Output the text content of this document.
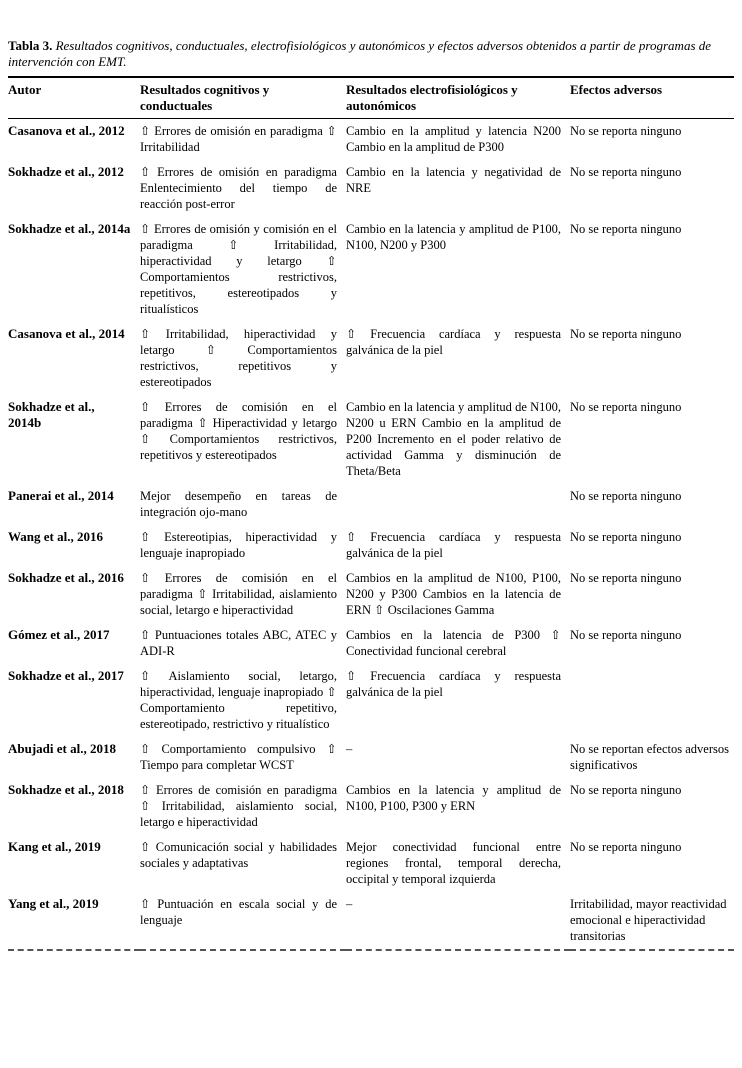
Tabla 3. Resultados cognitivos, conductuales, electrofisiológicos y autonómicos y efectos adversos obtenidos a partir de programas de intervención con EMT.

Autor	Resultados cognitivos y conductuales	Resultados electrofisiológicos y autonómicos	Efectos adversos
Casanova et al., 2012	⇧ Errores de omisión en paradigma ⇧ Irritabilidad	Cambio en la amplitud y latencia N200 Cambio en la amplitud de P300	No se reporta ninguno
Sokhadze et al., 2012	⇧ Errores de omisión en paradigma Enlentecimiento del tiempo de reacción post-error	Cambio en la latencia y negatividad de NRE	No se reporta ninguno
Sokhadze et al., 2014a	⇧ Errores de omisión y comisión en el paradigma ⇧ Irritabilidad, hiperactividad y letargo ⇧ Comportamientos restrictivos, repetitivos, estereotipados y ritualísticos	Cambio en la latencia y amplitud de P100, N100, N200 y P300	No se reporta ninguno
Casanova et al., 2014	⇧ Irritabilidad, hiperactividad y letargo ⇧ Comportamientos restrictivos, repetitivos y estereotipados	⇧ Frecuencia cardíaca y respuesta galvánica de la piel	No se reporta ninguno
Sokhadze et al., 2014b	⇧ Errores de comisión en el paradigma ⇧ Hiperactividad y letargo ⇧ Comportamientos restrictivos, repetitivos y estereotipados	Cambio en la latencia y amplitud de N100, N200 u ERN Cambio en la amplitud de P200 Incremento en el poder relativo de actividad Gamma y disminución de Theta/Beta	No se reporta ninguno
Panerai et al., 2014	Mejor desempeño en tareas de integración ojo-mano		No se reporta ninguno
Wang et al., 2016	⇧ Estereotipias, hiperactividad y lenguaje inapropiado	⇧ Frecuencia cardíaca y respuesta galvánica de la piel	No se reporta ninguno
Sokhadze et al., 2016	⇧ Errores de comisión en el paradigma ⇧ Irritabilidad, aislamiento social, letargo e hiperactividad	Cambios en la amplitud de N100, P100, N200 y P300 Cambios en la latencia de ERN ⇧ Oscilaciones Gamma	No se reporta ninguno
Gómez et al., 2017	⇧ Puntuaciones totales ABC, ATEC y ADI-R	Cambios en la latencia de P300 ⇧ Conectividad funcional cerebral	No se reporta ninguno
Sokhadze et al., 2017	⇧ Aislamiento social, letargo, hiperactividad, lenguaje inapropiado ⇧ Comportamiento repetitivo, estereotipado, restrictivo y ritualístico	⇧ Frecuencia cardíaca y respuesta galvánica de la piel	
Abujadi et al., 2018	⇧ Comportamiento compulsivo ⇧ Tiempo para completar WCST	–	No se reportan efectos adversos significativos
Sokhadze et al., 2018	⇧ Errores de comisión en paradigma ⇧ Irritabilidad, aislamiento social, letargo e hiperactividad	Cambios en la latencia y amplitud de N100, P100, P300 y ERN	No se reporta ninguno
Kang et al., 2019	⇧ Comunicación social y habilidades sociales y adaptativas	Mejor conectividad funcional entre regiones frontal, temporal derecha, occipital y temporal izquierda	No se reporta ninguno
Yang et al., 2019	⇧ Puntuación en escala social y de lenguaje	–	Irritabilidad, mayor reactividad emocional e hiperactividad transitorias
